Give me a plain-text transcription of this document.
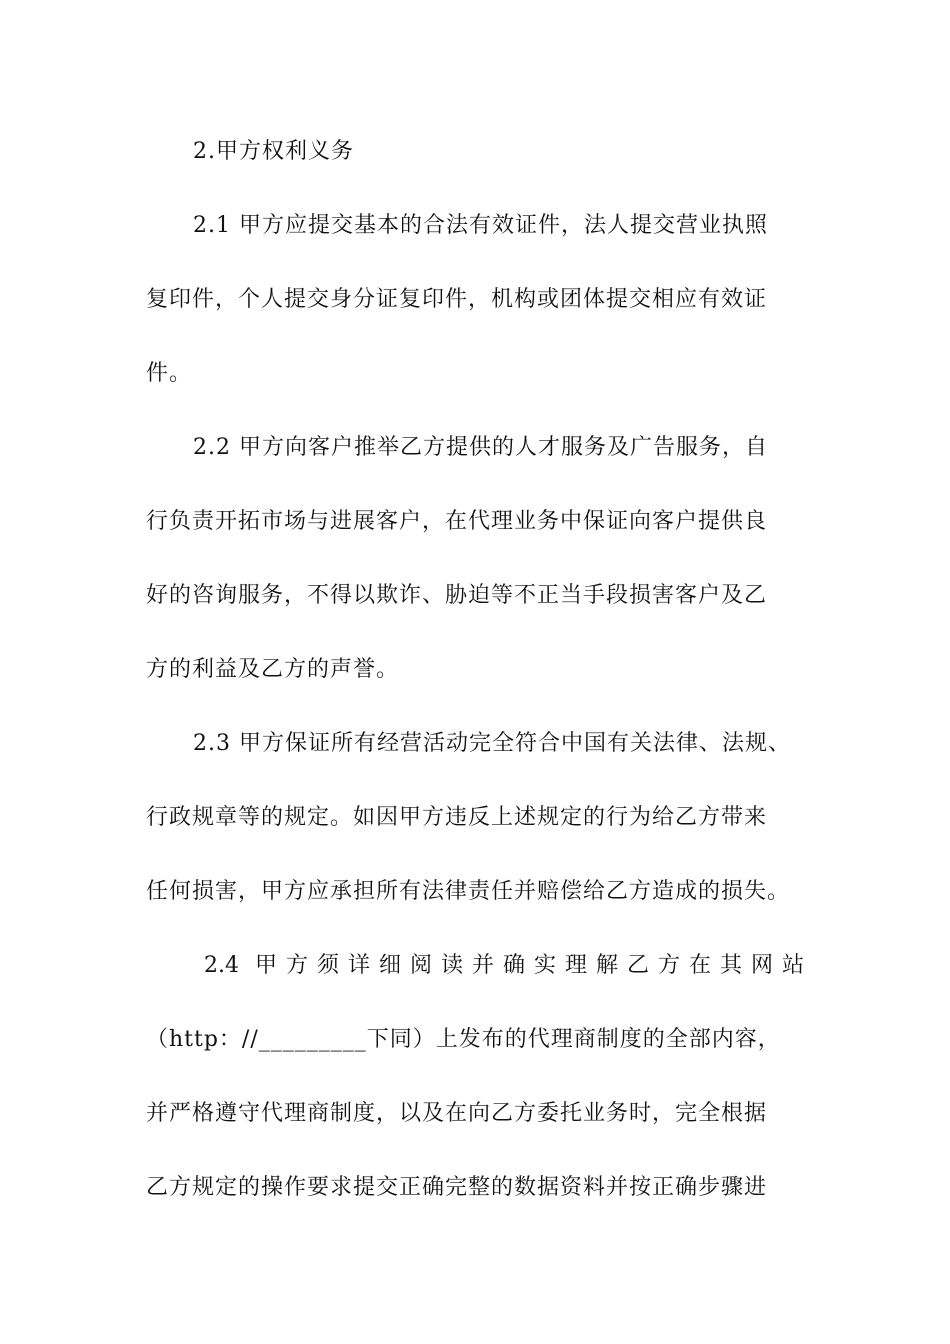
2.甲方权利义务
2.1 甲方应提交基本的合法有效证件，法人提交营业执照
复印件，个人提交身分证复印件，机构或团体提交相应有效证
件。
2.2 甲方向客户推举乙方提供的人才服务及广告服务，自
行负责开拓市场与进展客户，在代理业务中保证向客户提供良
好的咨询服务，不得以欺诈、胁迫等不正当手段损害客户及乙
方的利益及乙方的声誉。
2.3 甲方保证所有经营活动完全符合中国有关法律、法规、
行政规章等的规定。如因甲方违反上述规定的行为给乙方带来
任何损害，甲方应承担所有法律责任并赔偿给乙方造成的损失。
2.4 甲方须详细阅读并确实理解乙方在其网站
（http：//_________下同）上发布的代理商制度的全部内容，
并严格遵守代理商制度，以及在向乙方委托业务时，完全根据
乙方规定的操作要求提交正确完整的数据资料并按正确步骤进
